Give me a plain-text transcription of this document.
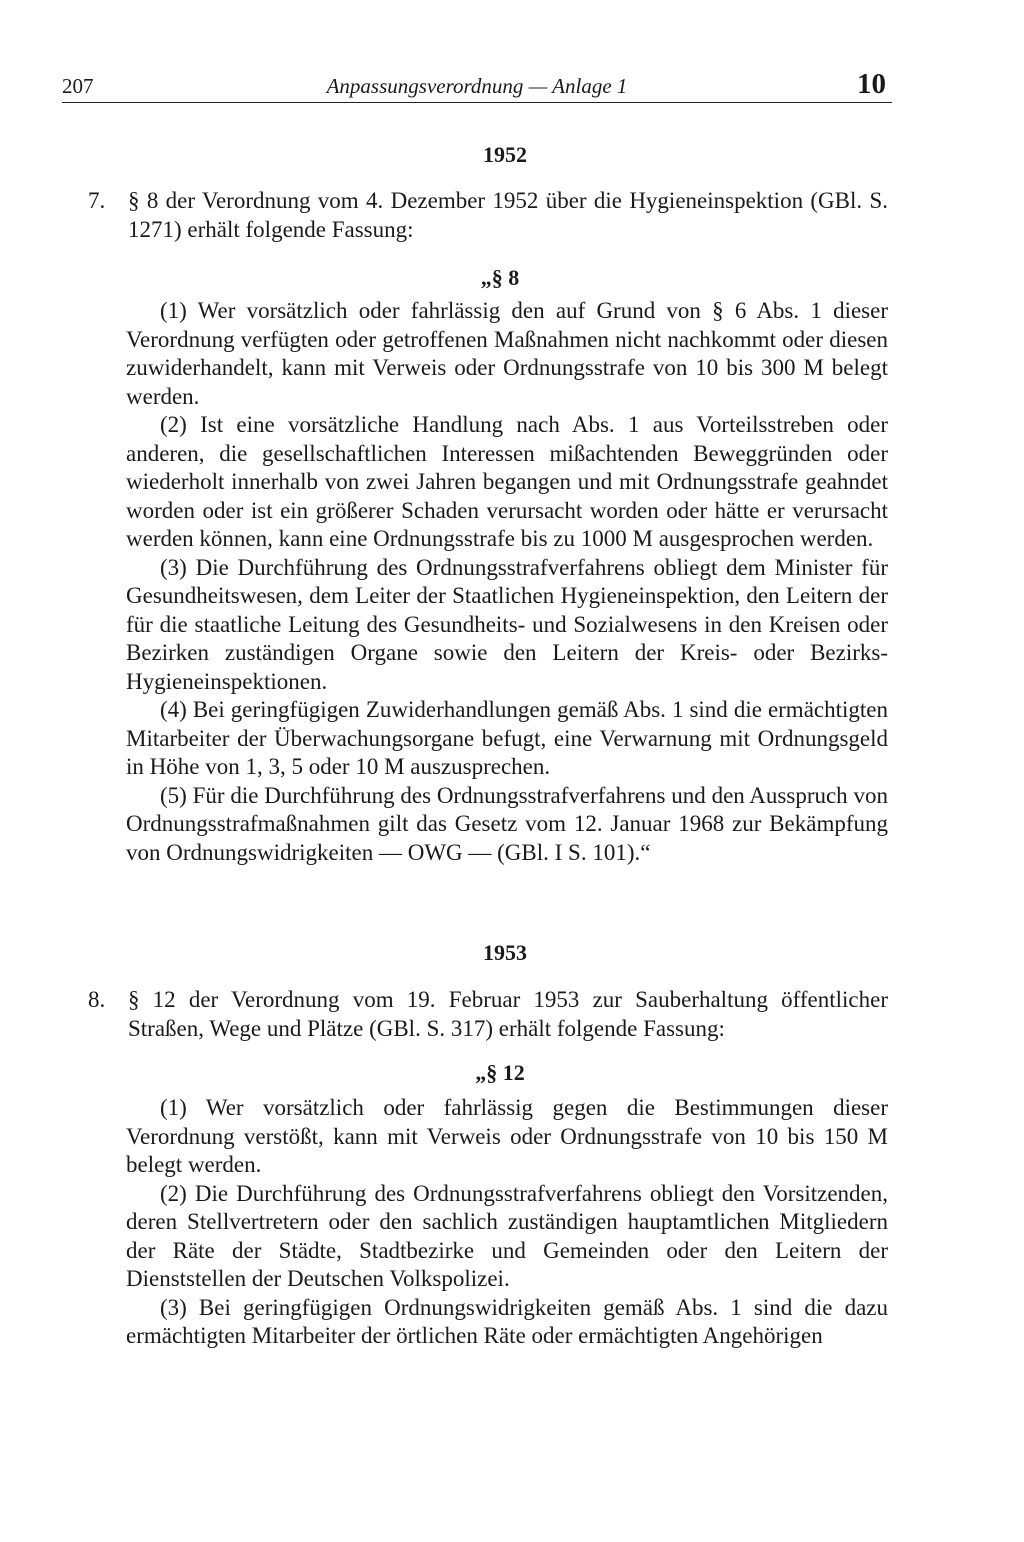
207	Anpassungsverordnung — Anlage 1	10
1952
7. § 8 der Verordnung vom 4. Dezember 1952 über die Hygieneinspektion (GBl. S. 1271) erhält folgende Fassung:
„§ 8

(1) Wer vorsätzlich oder fahrlässig den auf Grund von § 6 Abs. 1 dieser Verordnung verfügten oder getroffenen Maßnahmen nicht nachkommt oder diesen zuwiderhandelt, kann mit Verweis oder Ordnungsstrafe von 10 bis 300 M belegt werden.

(2) Ist eine vorsätzliche Handlung nach Abs. 1 aus Vorteilsstreben oder anderen, die gesellschaftlichen Interessen mißachtenden Beweggründen oder wiederholt innerhalb von zwei Jahren begangen und mit Ordnungsstrafe geahndet worden oder ist ein größerer Schaden verursacht worden oder hätte er verursacht werden können, kann eine Ordnungsstrafe bis zu 1000 M ausgesprochen werden.

(3) Die Durchführung des Ordnungsstrafverfahrens obliegt dem Minister für Gesundheitswesen, dem Leiter der Staatlichen Hygieneinspektion, den Leitern der für die staatliche Leitung des Gesundheits- und Sozialwesens in den Kreisen oder Bezirken zuständigen Organe sowie den Leitern der Kreis- oder Bezirks-Hygieneinspektionen.

(4) Bei geringfügigen Zuwiderhandlungen gemäß Abs. 1 sind die ermächtigten Mitarbeiter der Überwachungsorgane befugt, eine Verwarnung mit Ordnungsgeld in Höhe von 1, 3, 5 oder 10 M auszusprechen.

(5) Für die Durchführung des Ordnungsstrafverfahrens und den Ausspruch von Ordnungsstrafmaßnahmen gilt das Gesetz vom 12. Januar 1968 zur Bekämpfung von Ordnungswidrigkeiten — OWG — (GBl. I S. 101).“

1953
8. § 12 der Verordnung vom 19. Februar 1953 zur Sauberhaltung öffentlicher Straßen, Wege und Plätze (GBl. S. 317) erhält folgende Fassung:
„§ 12

(1) Wer vorsätzlich oder fahrlässig gegen die Bestimmungen dieser Verordnung verstößt, kann mit Verweis oder Ordnungsstrafe von 10 bis 150 M belegt werden.

(2) Die Durchführung des Ordnungsstrafverfahrens obliegt den Vorsitzenden, deren Stellvertretern oder den sachlich zuständigen hauptamtlichen Mitgliedern der Räte der Städte, Stadtbezirke und Gemeinden oder den Leitern der Dienststellen der Deutschen Volkspolizei.

(3) Bei geringfügigen Ordnungswidrigkeiten gemäß Abs. 1 sind die dazu ermächtigten Mitarbeiter der örtlichen Räte oder ermächtigten Angehörigen
